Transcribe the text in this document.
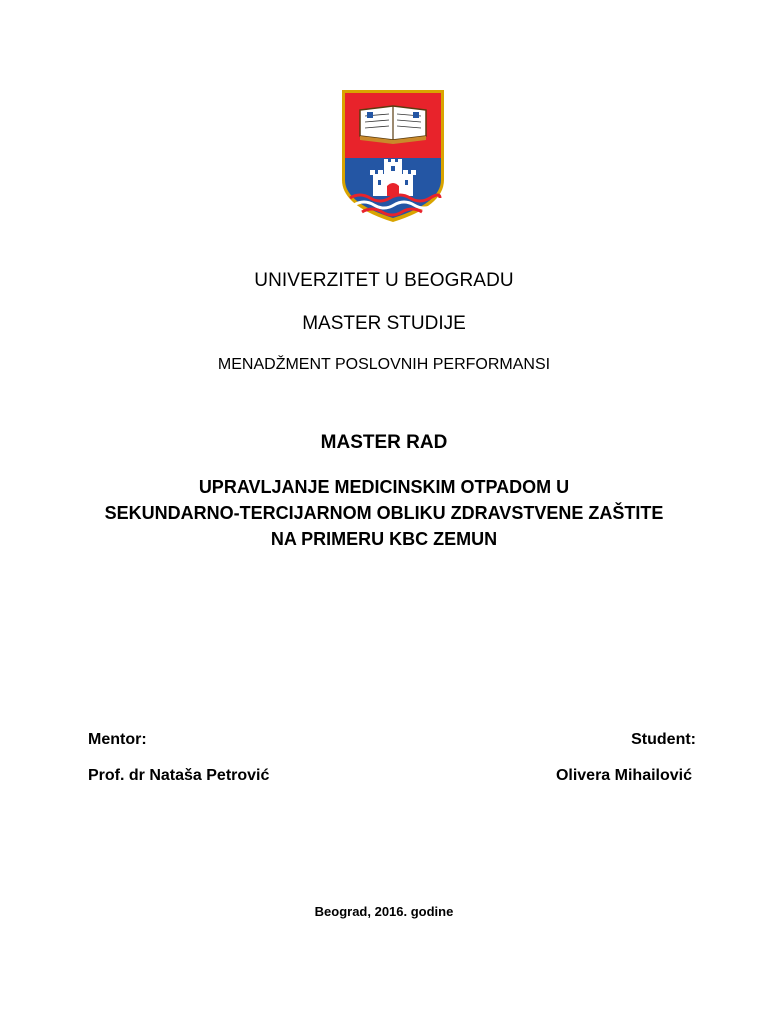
UNIVERZITET U BEOGRADU
MASTER STUDIJE
MENADŽMENT POSLOVNIH PERFORMANSI
MASTER RAD
UPRAVLJANJE MEDICINSKIM OTPADOM U
SEKUNDARNO-TERCIJARNOM OBLIKU ZDRAVSTVENE ZAŠTITE
NA PRIMERU KBC ZEMUN
Mentor:	Student:
Prof. dr Nataša Petrović	Olivera Mihailović
Beograd, 2016. godine
